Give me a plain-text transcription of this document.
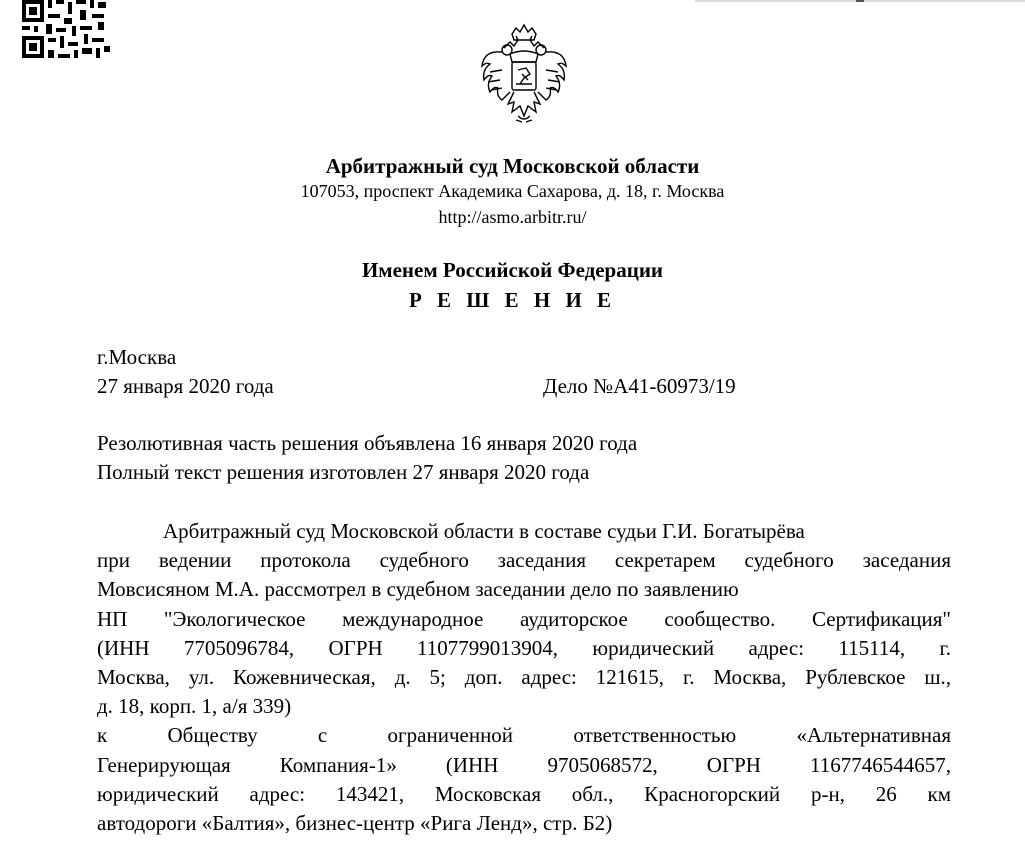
Арбитражный суд Московской области
107053, проспект Академика Сахарова, д. 18, г. Москва
http://asmo.arbitr.ru/
Именем Российской Федерации
Р Е Ш Е Н И Е
г.Москва
27 января 2020 года	Дело №А41-60973/19
Резолютивная часть решения объявлена 16 января 2020 года
Полный текст решения изготовлен 27 января 2020 года
Арбитражный суд Московской области в составе судьи Г.И. Богатырёва
при ведении протокола судебного заседания секретарем судебного заседания
Мовсисяном М.А. рассмотрел в судебном заседании дело по заявлению
НП "Экологическое международное аудиторское сообщество. Сертификация"
(ИНН 7705096784, ОГРН 1107799013904, юридический адрес: 115114, г.
Москва, ул. Кожевническая, д. 5; доп. адрес: 121615, г. Москва, Рублевское ш.,
д. 18, корп. 1, а/я 339)
к Обществу с ограниченной ответственностью «Альтернативная
Генерирующая Компания-1» (ИНН 9705068572, ОГРН 1167746544657,
юридический адрес: 143421, Московская обл., Красногорский р-н, 26 км
автодороги «Балтия», бизнес-центр «Рига Ленд», стр. Б2)
